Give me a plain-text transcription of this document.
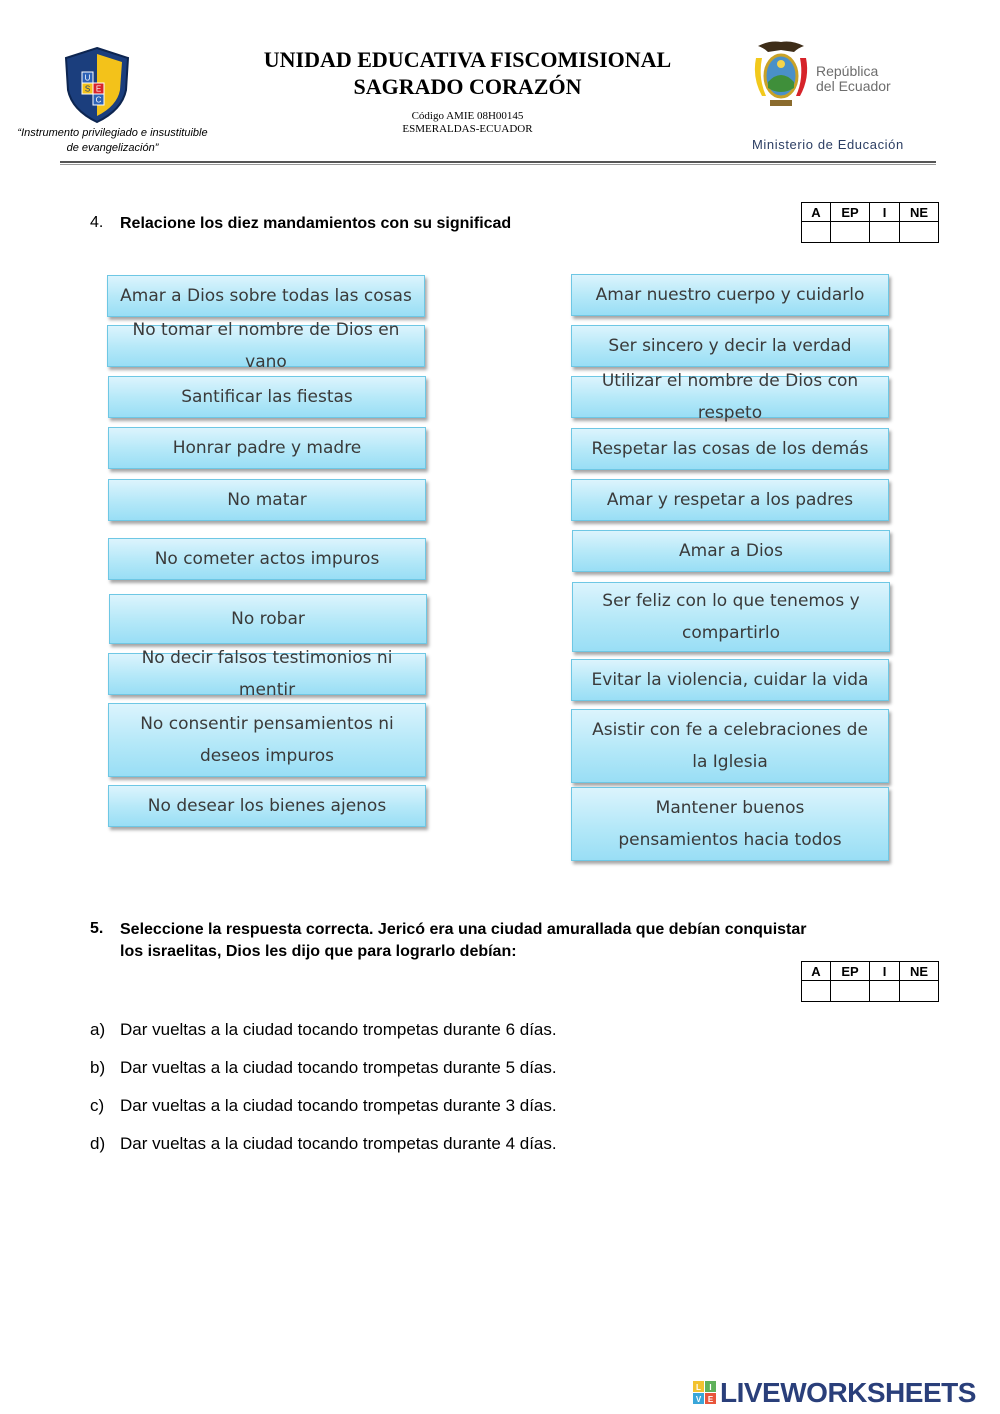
U
E
S
C
“Instrumento privilegiado e insustituible
de evangelización”
UNIDAD EDUCATIVA FISCOMISIONAL
SAGRADO CORAZÓN
Código AMIE 08H00145
ESMERALDAS-ECUADOR
República
del Ecuador
Ministerio de Educación
4. Relacione los diez mandamientos con su significad
A	EP	I	NE

Amar a Dios sobre todas las cosas
No tomar el nombre de Dios en vano
Santificar las fiestas
Honrar padre y madre
No matar
No cometer actos impuros
No robar
No decir falsos testimonios ni mentir
No consentir pensamientos ni deseos impuros
No desear los bienes ajenos
Amar nuestro cuerpo y cuidarlo
Ser sincero y decir la verdad
Utilizar el nombre de Dios con respeto
Respetar las cosas de los demás
Amar y respetar a los padres
Amar a Dios
Ser feliz con lo que tenemos y compartirlo
Evitar la violencia, cuidar la vida
Asistir con fe a celebraciones de la Iglesia
Mantener buenos pensamientos hacia todos
5. Seleccione la respuesta correcta. Jericó era una ciudad amurallada que debían conquistar
los israelitas, Dios les dijo que para lograrlo debían:
A	EP	I	NE

a) Dar vueltas a la ciudad tocando trompetas durante 6 días.
b) Dar vueltas a la ciudad tocando trompetas durante 5 días.
c) Dar vueltas a la ciudad tocando trompetas durante 3 días.
d) Dar vueltas a la ciudad tocando trompetas durante 4 días.
L I
V E LIVEWORKSHEETS
